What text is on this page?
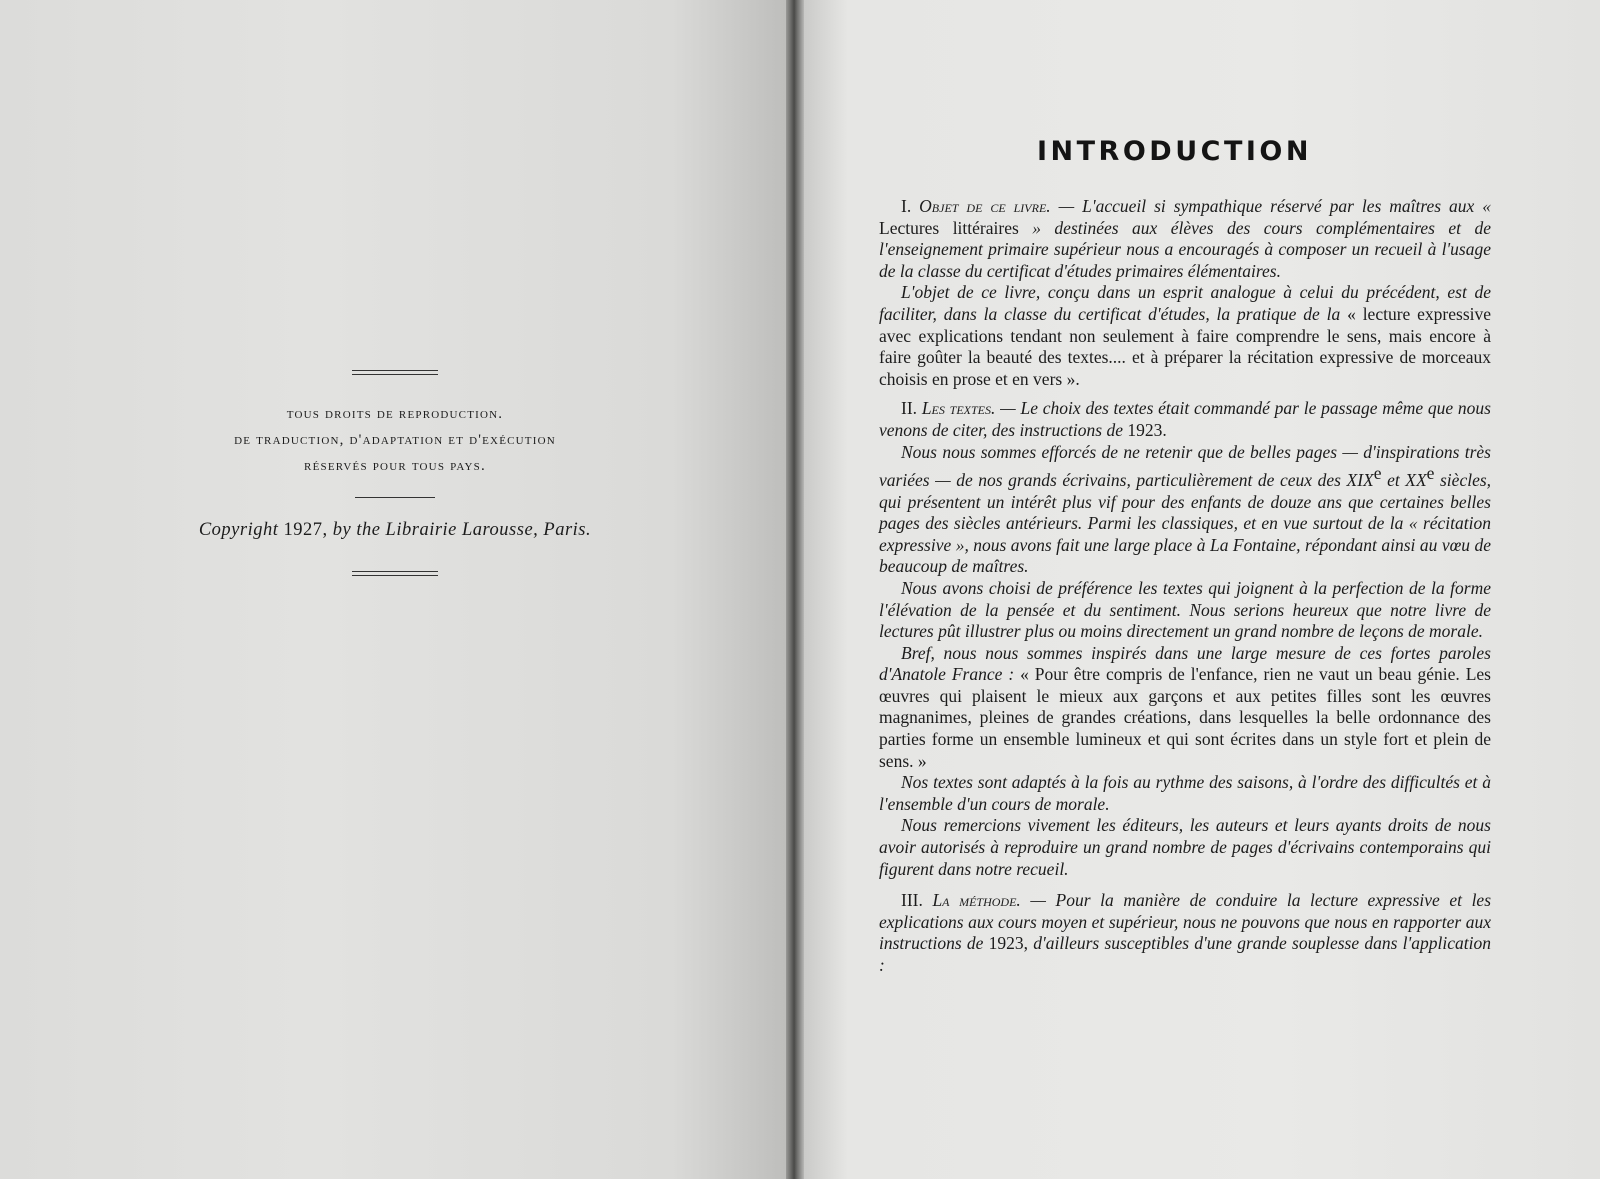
tous droits de reproduction.
de traduction, d'adaptation et d'exécution
réservés pour tous pays.
Copyright 1927, by the Librairie Larousse, Paris.
INTRODUCTION

I. Objet de ce livre. — L'accueil si sympathique réservé par les maîtres aux « Lectures littéraires » destinées aux élèves des cours complémentaires et de l'enseignement primaire supérieur nous a encouragés à composer un recueil à l'usage de la classe du certificat d'études primaires élémentaires.

L'objet de ce livre, conçu dans un esprit analogue à celui du précédent, est de faciliter, dans la classe du certificat d'études, la pratique de la « lecture expressive avec explications tendant non seulement à faire comprendre le sens, mais encore à faire goûter la beauté des textes.... et à préparer la récitation expressive de morceaux choisis en prose et en vers ».

II. Les textes. — Le choix des textes était commandé par le passage même que nous venons de citer, des instructions de 1923.

Nous nous sommes efforcés de ne retenir que de belles pages — d'inspirations très variées — de nos grands écrivains, particulièrement de ceux des XIXe et XXe siècles, qui présentent un intérêt plus vif pour des enfants de douze ans que certaines belles pages des siècles antérieurs. Parmi les classiques, et en vue surtout de la « récitation expressive », nous avons fait une large place à La Fontaine, répondant ainsi au vœu de beaucoup de maîtres.

Nous avons choisi de préférence les textes qui joignent à la perfection de la forme l'élévation de la pensée et du sentiment. Nous serions heureux que notre livre de lectures pût illustrer plus ou moins directement un grand nombre de leçons de morale.

Bref, nous nous sommes inspirés dans une large mesure de ces fortes paroles d'Anatole France : « Pour être compris de l'enfance, rien ne vaut un beau génie. Les œuvres qui plaisent le mieux aux garçons et aux petites filles sont les œuvres magnanimes, pleines de grandes créations, dans lesquelles la belle ordonnance des parties forme un ensemble lumineux et qui sont écrites dans un style fort et plein de sens. »

Nos textes sont adaptés à la fois au rythme des saisons, à l'ordre des difficultés et à l'ensemble d'un cours de morale.

Nous remercions vivement les éditeurs, les auteurs et leurs ayants droits de nous avoir autorisés à reproduire un grand nombre de pages d'écrivains contemporains qui figurent dans notre recueil.

III. La méthode. — Pour la manière de conduire la lecture expressive et les explications aux cours moyen et supérieur, nous ne pouvons que nous en rapporter aux instructions de 1923, d'ailleurs susceptibles d'une grande souplesse dans l'application :
